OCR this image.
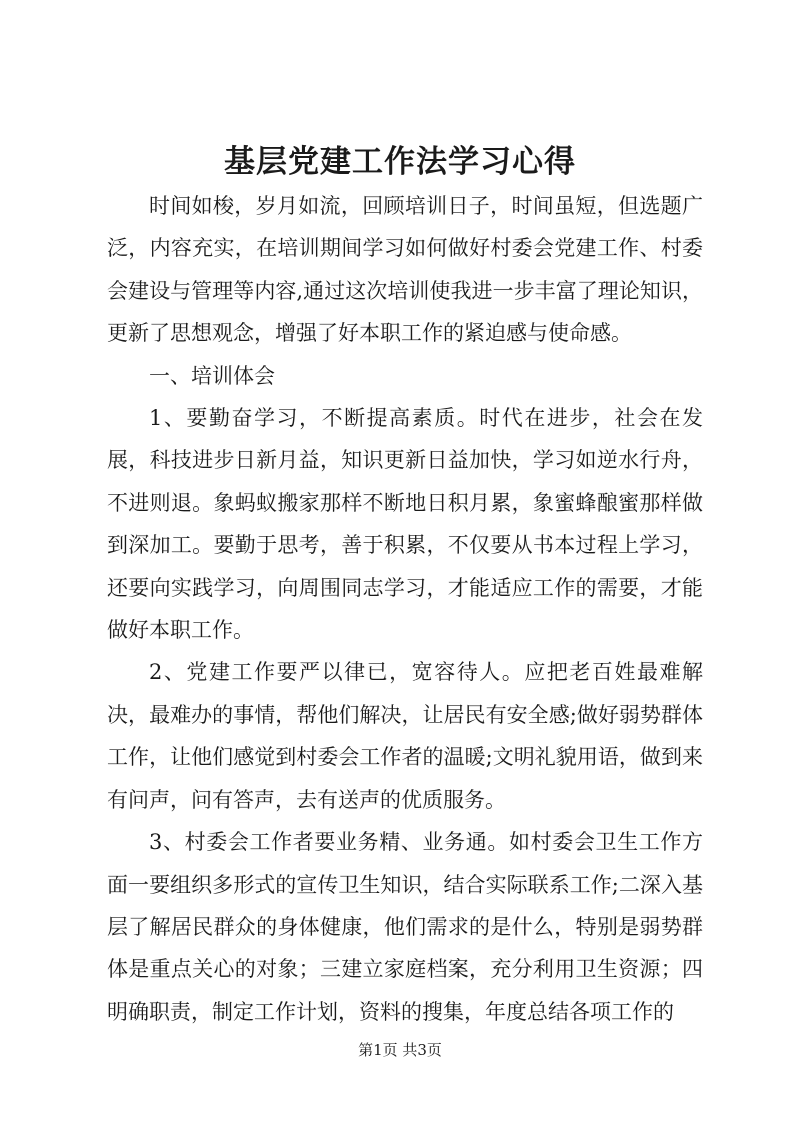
基层党建工作法学习心得

时间如梭，岁月如流，回顾培训日子，时间虽短，但选题广泛，内容充实，在培训期间学习如何做好村委会党建工作、村委会建设与管理等内容,通过这次培训使我进一步丰富了理论知识，更新了思想观念，增强了好本职工作的紧迫感与使命感。

一、培训体会

1、要勤奋学习，不断提高素质。时代在进步，社会在发展，科技进步日新月益，知识更新日益加快，学习如逆水行舟，不进则退。象蚂蚁搬家那样不断地日积月累，象蜜蜂酿蜜那样做到深加工。要勤于思考，善于积累，不仅要从书本过程上学习，还要向实践学习，向周围同志学习，才能适应工作的需要，才能做好本职工作。

2、党建工作要严以律已，宽容待人。应把老百姓最难解决，最难办的事情，帮他们解决，让居民有安全感;做好弱势群体工作，让他们感觉到村委会工作者的温暖;文明礼貌用语，做到来有问声，问有答声，去有送声的优质服务。

3、村委会工作者要业务精、业务通。如村委会卫生工作方面一要组织多形式的宣传卫生知识，结合实际联系工作;二深入基层了解居民群众的身体健康，他们需求的是什么，特别是弱势群体是重点关心的对象；三建立家庭档案，充分利用卫生资源；四明确职责，制定工作计划，资料的搜集，年度总结各项工作的

第1页 共3页
